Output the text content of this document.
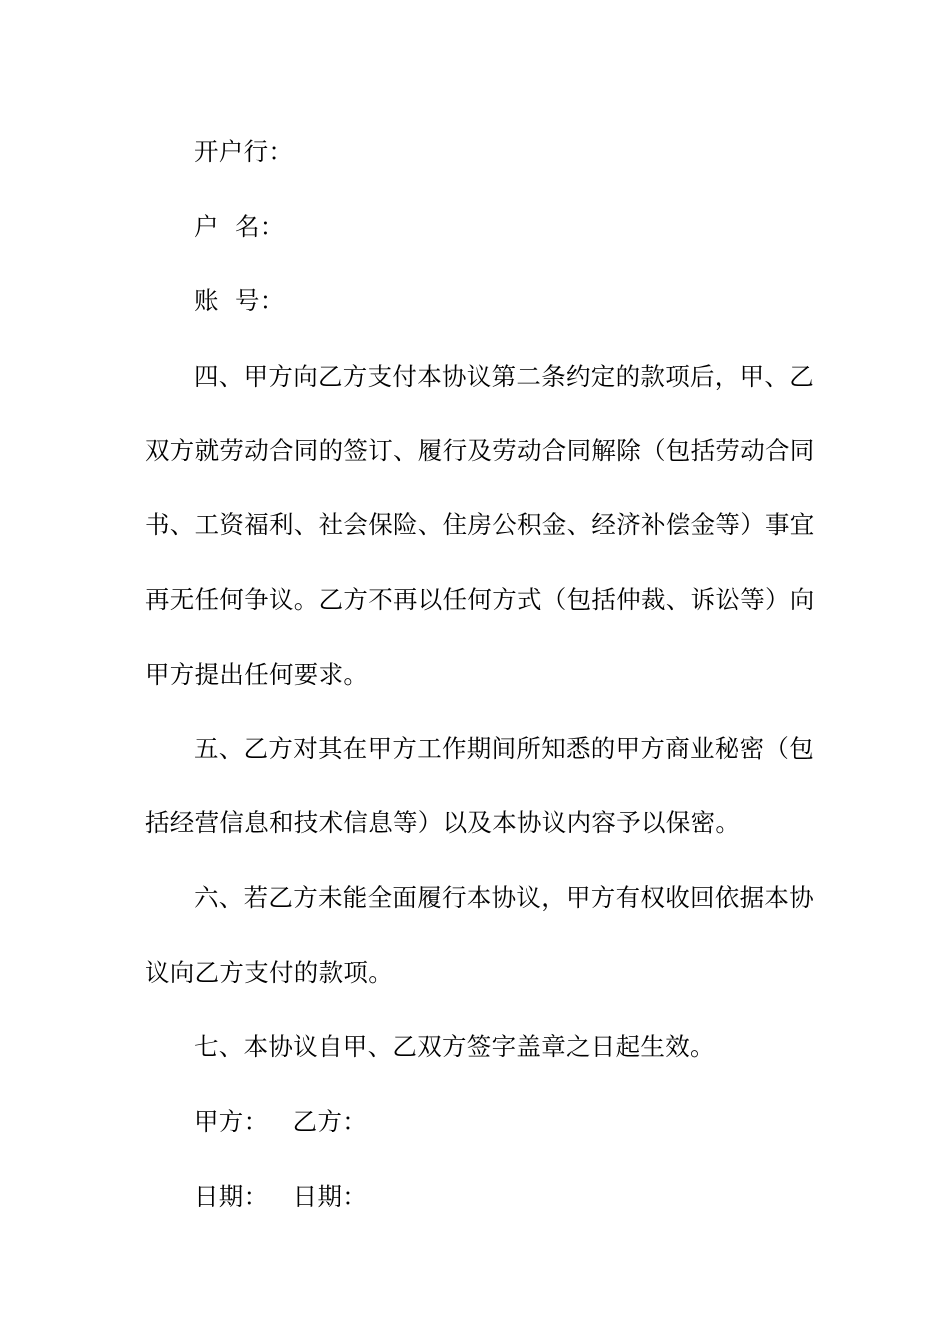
开户行：
户  名：
账  号：
四、甲方向乙方支付本协议第二条约定的款项后，甲、乙
双方就劳动合同的签订、履行及劳动合同解除（包括劳动合同
书、工资福利、社会保险、住房公积金、经济补偿金等）事宜
再无任何争议。乙方不再以任何方式（包括仲裁、诉讼等）向
甲方提出任何要求。
五、乙方对其在甲方工作期间所知悉的甲方商业秘密（包
括经营信息和技术信息等）以及本协议内容予以保密。
六、若乙方未能全面履行本协议，甲方有权收回依据本协
议向乙方支付的款项。
七、本协议自甲、乙双方签字盖章之日起生效。
甲方：   乙方：
日期：   日期：
